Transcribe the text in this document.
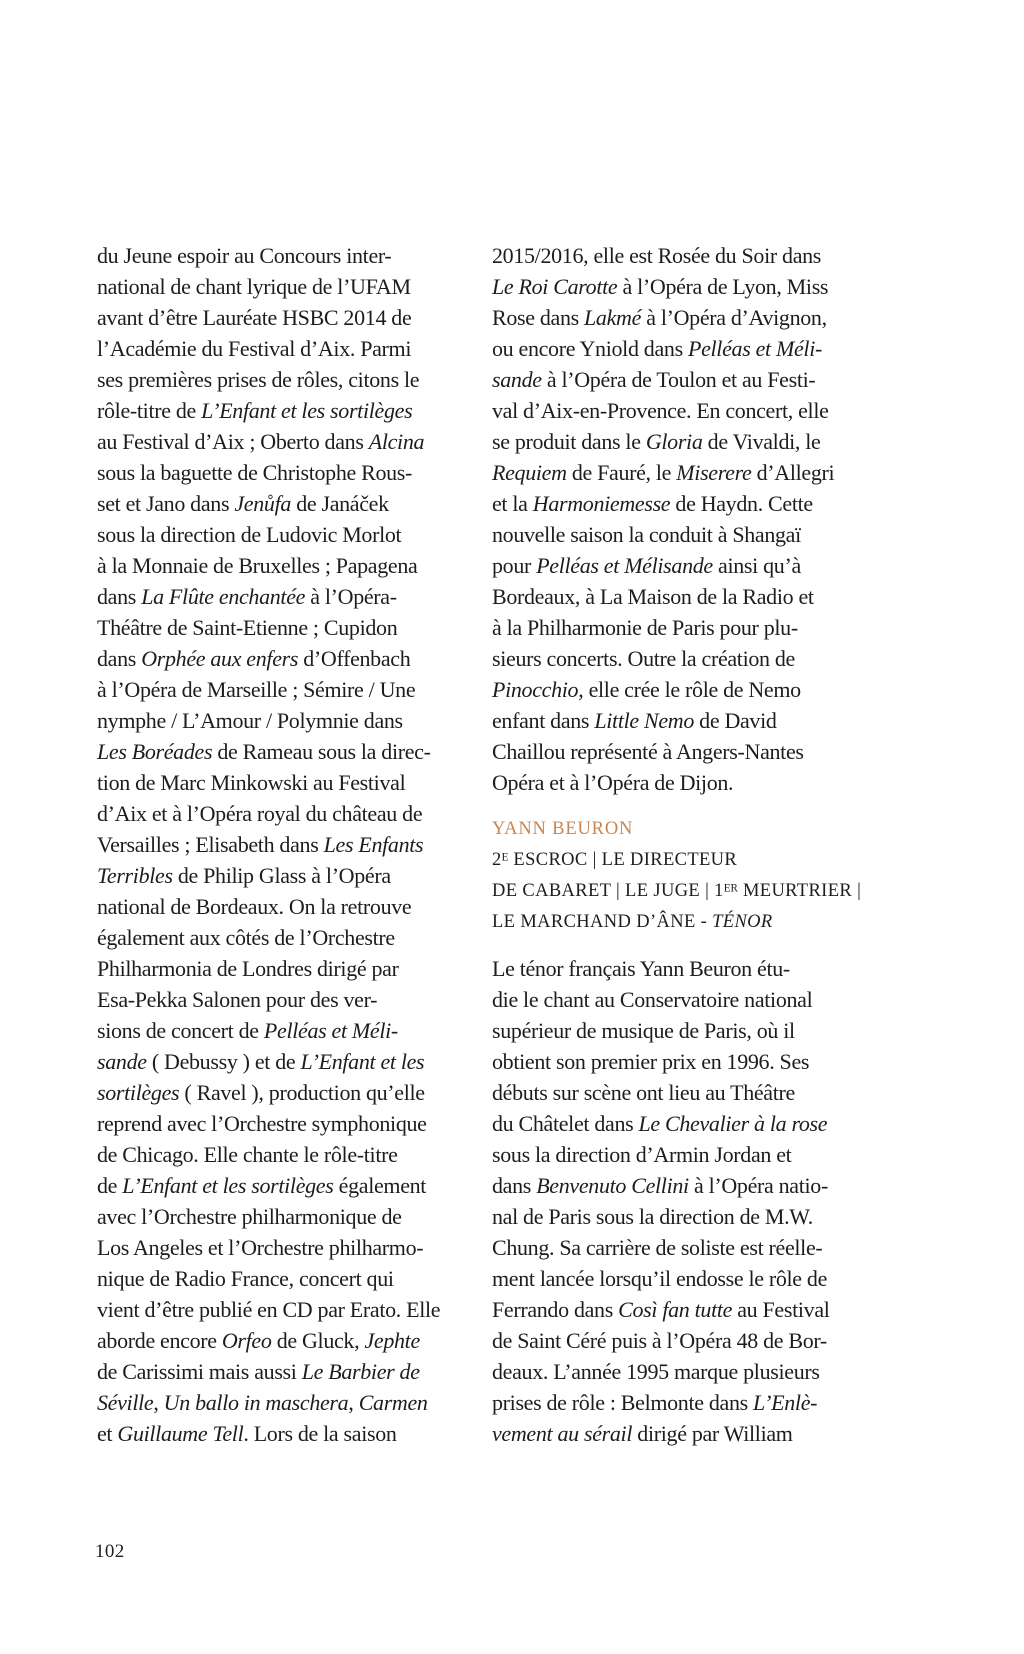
du Jeune espoir au Concours inter-
national de chant lyrique de l’UFAM
avant d’être Lauréate HSBC 2014 de
l’Académie du Festival d’Aix. Parmi
ses premières prises de rôles, citons le
rôle-titre de L’Enfant et les sortilèges
au Festival d’Aix ; Oberto dans Alcina
sous la baguette de Christophe Rous-
set et Jano dans Jenůfa de Janáček
sous la direction de Ludovic Morlot
à la Monnaie de Bruxelles ; Papagena
dans La Flûte enchantée à l’Opéra-
Théâtre de Saint-Etienne ; Cupidon
dans Orphée aux enfers d’Offenbach
à l’Opéra de Marseille ; Sémire / Une
nymphe / L’Amour / Polymnie dans
Les Boréades de Rameau sous la direc-
tion de Marc Minkowski au Festival
d’Aix et à l’Opéra royal du château de
Versailles ; Elisabeth dans Les Enfants
Terribles de Philip Glass à l’Opéra
national de Bordeaux. On la retrouve
également aux côtés de l’Orchestre
Philharmonia de Londres dirigé par
Esa-Pekka Salonen pour des ver-
sions de concert de Pelléas et Méli-
sande ( Debussy ) et de L’Enfant et les
sortilèges ( Ravel ), production qu’elle
reprend avec l’Orchestre symphonique
de Chicago. Elle chante le rôle-titre
de L’Enfant et les sortilèges également
avec l’Orchestre philharmonique de
Los Angeles et l’Orchestre philharmo-
nique de Radio France, concert qui
vient d’être publié en CD par Erato. Elle
aborde encore Orfeo de Gluck, Jephte
de Carissimi mais aussi Le Barbier de
Séville, Un ballo in maschera, Carmen
et Guillaume Tell. Lors de la saison
2015/2016, elle est Rosée du Soir dans
Le Roi Carotte à l’Opéra de Lyon, Miss
Rose dans Lakmé à l’Opéra d’Avignon,
ou encore Yniold dans Pelléas et Méli-
sande à l’Opéra de Toulon et au Festi-
val d’Aix-en-Provence. En concert, elle
se produit dans le Gloria de Vivaldi, le
Requiem de Fauré, le Miserere d’Allegri
et la Harmoniemesse de Haydn. Cette
nouvelle saison la conduit à Shangaï
pour Pelléas et Mélisande ainsi qu’à
Bordeaux, à La Maison de la Radio et
à la Philharmonie de Paris pour plu-
sieurs concerts. Outre la création de
Pinocchio, elle crée le rôle de Nemo
enfant dans Little Nemo de David
Chaillou représenté à Angers-Nantes
Opéra et à l’Opéra de Dijon.
YANN BEURON
$2^E$ ESCROC | LE DIRECTEUR
DE CABARET | LE JUGE | 1ER MEURTRIER |
LE MARCHAND D’ÂNE - TÉNOR
Le ténor français Yann Beuron étu-
die le chant au Conservatoire national
supérieur de musique de Paris, où il
obtient son premier prix en 1996. Ses
débuts sur scène ont lieu au Théâtre
du Châtelet dans Le Chevalier à la rose
sous la direction d’Armin Jordan et
dans Benvenuto Cellini à l’Opéra natio-
nal de Paris sous la direction de M.W.
Chung. Sa carrière de soliste est réelle-
ment lancée lorsqu’il endosse le rôle de
Ferrando dans Così fan tutte au Festival
de Saint Céré puis à l’Opéra 48 de Bor-
deaux. L’année 1995 marque plusieurs
prises de rôle : Belmonte dans L’Enlè-
vement au sérail dirigé par William
102
